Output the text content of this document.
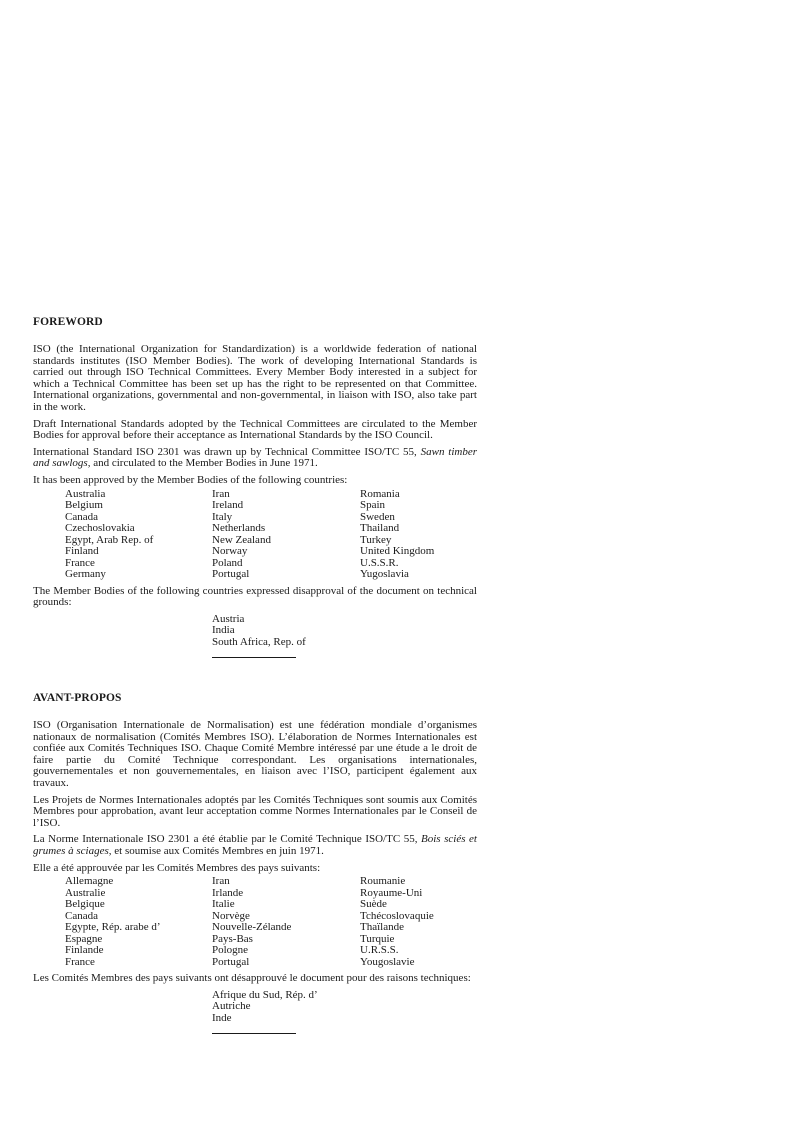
FOREWORD

ISO (the International Organization for Standardization) is a worldwide federation of national standards institutes (ISO Member Bodies). The work of developing International Standards is carried out through ISO Technical Committees. Every Member Body interested in a subject for which a Technical Committee has been set up has the right to be represented on that Committee. International organizations, governmental and non-governmental, in liaison with ISO, also take part in the work.

Draft International Standards adopted by the Technical Committees are circulated to the Member Bodies for approval before their acceptance as International Standards by the ISO Council.

International Standard ISO 2301 was drawn up by Technical Committee ISO/TC 55, Sawn timber and sawlogs, and circulated to the Member Bodies in June 1971.

It has been approved by the Member Bodies of the following countries:

Australia
Belgium
Canada
Czechoslovakia
Egypt, Arab Rep. of
Finland
France
Germany
Iran
Ireland
Italy
Netherlands
New Zealand
Norway
Poland
Portugal
Romania
Spain
Sweden
Thailand
Turkey
United Kingdom
U.S.S.R.
Yugoslavia

The Member Bodies of the following countries expressed disapproval of the document on technical grounds:

Austria
India
South Africa, Rep. of
AVANT-PROPOS

ISO (Organisation Internationale de Normalisation) est une fédération mondiale d’organismes nationaux de normalisation (Comités Membres ISO). L’élaboration de Normes Internationales est confiée aux Comités Techniques ISO. Chaque Comité Membre intéressé par une étude a le droit de faire partie du Comité Technique correspondant. Les organisations internationales, gouvernementales et non gouvernementales, en liaison avec l’ISO, participent également aux travaux.

Les Projets de Normes Internationales adoptés par les Comités Techniques sont soumis aux Comités Membres pour approbation, avant leur acceptation comme Normes Internationales par le Conseil de l’ISO.

La Norme Internationale ISO 2301 a été établie par le Comité Technique ISO/TC 55, Bois sciés et grumes à sciages, et soumise aux Comités Membres en juin 1971.

Elle a été approuvée par les Comités Membres des pays suivants:

Allemagne
Australie
Belgique
Canada
Egypte, Rép. arabe d’
Espagne
Finlande
France
Iran
Irlande
Italie
Norvège
Nouvelle-Zélande
Pays-Bas
Pologne
Portugal
Roumanie
Royaume-Uni
Suède
Tchécoslovaquie
Thaïlande
Turquie
U.R.S.S.
Yougoslavie

Les Comités Membres des pays suivants ont désapprouvé le document pour des raisons techniques:

Afrique du Sud, Rép. d’
Autriche
Inde
